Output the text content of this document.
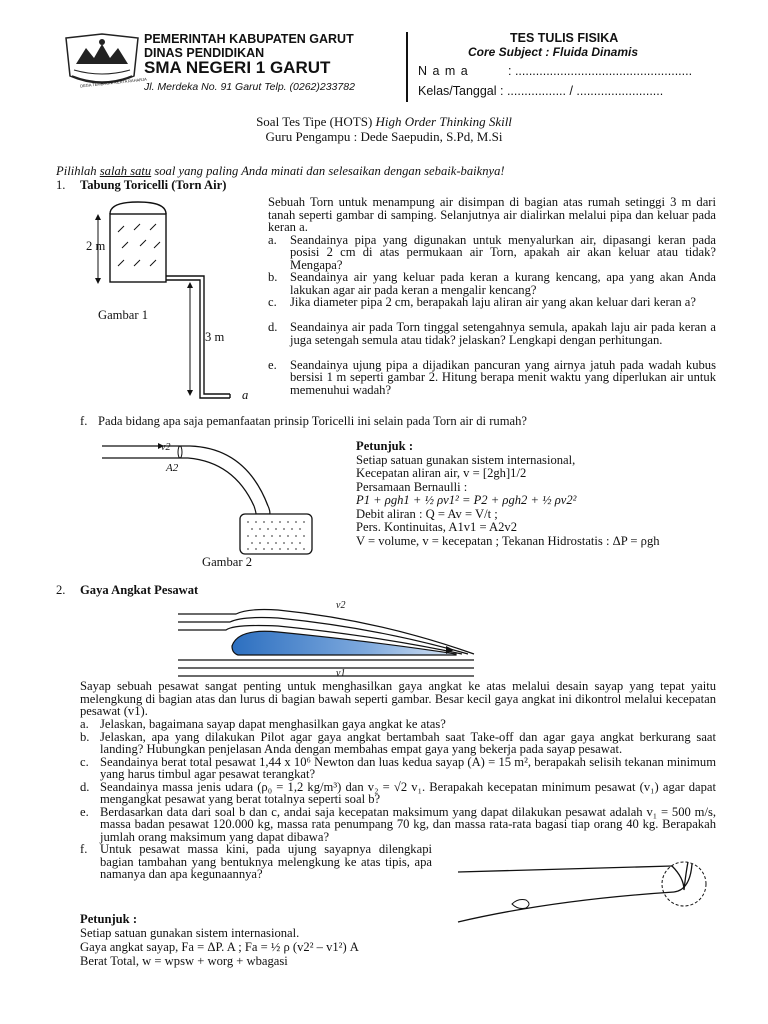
DEGA TEMBRONI KERTA RAHARJA
PEMERINTAH KABUPATEN GARUT
DINAS PENDIDIKAN
SMA NEGERI 1 GARUT
Jl. Merdeka No. 91 Garut Telp. (0262)233782
TES TULIS FISIKA
Core Subject : Fluida Dinamis
N a m a	: ...................................................
Kelas/Tanggal : ................. / .........................
Soal Tes Tipe (HOTS) High Order Thinking Skill
Guru Pengampu : Dede Saepudin, S.Pd, M.Si
Pilihlah salah satu soal yang paling Anda minati dan selesaikan dengan sebaik-baiknya!
1. Tabung Toricelli (Torn Air)
2 m
Gambar 1
3 m
a
Sebuah Torn untuk menampung air disimpan di bagian atas rumah setinggi 3 m dari tanah seperti gambar di samping. Selanjutnya air dialirkan melalui pipa dan keluar pada keran a.
a. Seandainya pipa yang digunakan untuk menyalurkan air, dipasangi keran pada posisi 2 cm di atas permukaan air Torn, apakah air akan keluar atau tidak? Mengapa?
b. Seandainya air yang keluar pada keran a kurang kencang, apa yang akan Anda lakukan agar air pada keran a mengalir kencang?
c. Jika diameter pipa 2 cm, berapakah laju aliran air yang akan keluar dari keran a?
d. Seandainya air pada Torn tinggal setengahnya semula, apakah laju air pada keran a juga setengah semula atau tidak? jelaskan? Lengkapi dengan perhitungan.
e. Seandainya ujung pipa a dijadikan pancuran yang airnya jatuh pada wadah kubus bersisi 1 m seperti gambar 2. Hitung berapa menit waktu yang diperlukan air untuk memenuhui wadah?
f. Pada bidang apa saja pemanfaatan prinsip Toricelli ini selain pada Torn air di rumah?
v2
A2
Gambar 2
Petunjuk :
Setiap satuan gunakan sistem internasional,
Kecepatan aliran air, v = [2gh]1/2
Persamaan Bernaulli :
P1 + ρgh1 + ½ ρv1² = P2 + ρgh2 + ½ ρv2²
Debit aliran : Q = Av = V/t ;
Pers. Kontinuitas, A1v1 = A2v2
V = volume, v = kecepatan ; Tekanan Hidrostatis : ΔP = ρgh
2. Gaya Angkat Pesawat
v2
v1
Sayap sebuah pesawat sangat penting untuk menghasilkan gaya angkat ke atas melalui desain sayap yang tepat yaitu melengkung di bagian atas dan lurus di bagian bawah seperti gambar. Besar kecil gaya angkat ini dikontrol melalui kecepatan pesawat (v1).
a. Jelaskan, bagaimana sayap dapat menghasilkan gaya angkat ke atas?
b. Jelaskan, apa yang dilakukan Pilot agar gaya angkat bertambah saat Take-off dan agar gaya angkat berkurang saat landing? Hubungkan penjelasan Anda dengan membahas empat gaya yang bekerja pada sayap pesawat.
c. Seandainya berat total pesawat 1,44 x 10⁶ Newton dan luas kedua sayap (A) = 15 m², berapakah selisih tekanan minimum yang harus timbul agar pesawat terangkat?
d. Seandainya massa jenis udara (ρ₀ = 1,2 kg/m³) dan v₂ = √2 v₁. Berapakah kecepatan minimum pesawat (v₁) agar dapat mengangkat pesawat yang berat totalnya seperti soal b?
e. Berdasarkan data dari soal b dan c, andai saja kecepatan maksimum yang dapat dilakukan pesawat adalah v₁ = 500 m/s, massa badan pesawat 120.000 kg, massa rata penumpang 70 kg, dan massa rata-rata bagasi tiap orang 40 kg. Berapakah jumlah orang maksimum yang dapat dibawa?
f. Untuk pesawat massa kini, pada ujung sayapnya dilengkapi bagian tambahan yang bentuknya melengkung ke atas tipis, apa namanya dan apa kegunaannya?
Petunjuk :
Setiap satuan gunakan sistem internasional.
Gaya angkat sayap, Fa = ΔP. A ; Fa = ½ ρ (v2² – v1²) A
Berat Total, w = wpsw + worg + wbagasi
